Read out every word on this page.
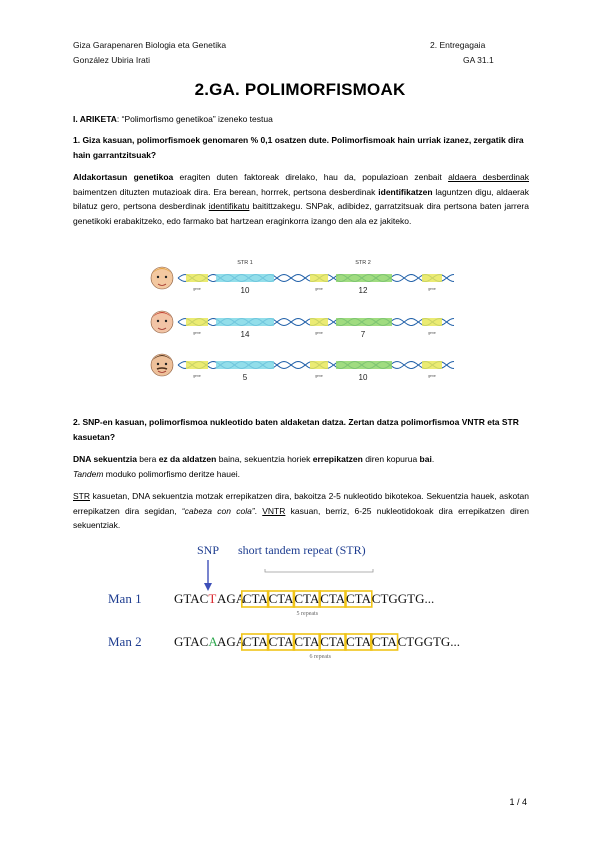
Giza Garapenaren Biologia eta Genetika
González Ubiria Irati
2. Entregagaia
GA 31.1
2.GA. POLIMORFISMOAK
I. ARIKETA: “Polimorfismo genetikoa” izeneko testua
1. Giza kasuan, polimorfismoek genomaren % 0,1 osatzen dute. Polimorfismoak hain urriak izanez, zergatik dira hain garrantzitsuak?
Aldakortasun genetikoa eragiten duten faktoreak direlako, hau da, populazioan zenbait aldaera desberdinak baimentzen dituzten mutazioak dira. Era berean, horrrek, pertsona desberdinak identifikatzen laguntzen digu, aldaerak bilatuz gero, pertsona desberdinak identifikatu baitittzakegu. SNPak, adibidez, garratzitsuak dira pertsona baten jarrera genetikoki erabakitzeko, edo farmako bat hartzean eraginkorra izango den ala ez jakiteko.
STR 1	STR 2
gene	gene	gene
10	12
gene	gene	gene
14	7
gene	gene	gene
5	10
2. SNP-en kasuan, polimorfismoa nukleotido baten aldaketan datza. Zertan datza polimorfismoa VNTR eta STR kasuetan?
DNA sekuentzia bera ez da aldatzen baina, sekuentzia horiek errepikatzen diren kopurua bai.
Tandem moduko polimorfismo deritze hauei.
STR kasuetan, DNA sekuentzia motzak errepikatzen dira, bakoitza 2-5 nukleotido bikotekoa. Sekuentzia hauek, askotan errepikatzen dira segidan, “cabeza con cola”. VNTR kasuan, berriz, 6-25 nukleotidokoak dira errepikatzen diren sekuentziak.
SNP short tandem repeat (STR)
Man 1 GTAC T AGA
CTA CTA CTA CTA CTA CTGGTG...
5 repeats
Man 2 GTAC A AGA
CTA CTA CTA CTA CTA CTA CTGGTG...
6 repeats
1 / 4
